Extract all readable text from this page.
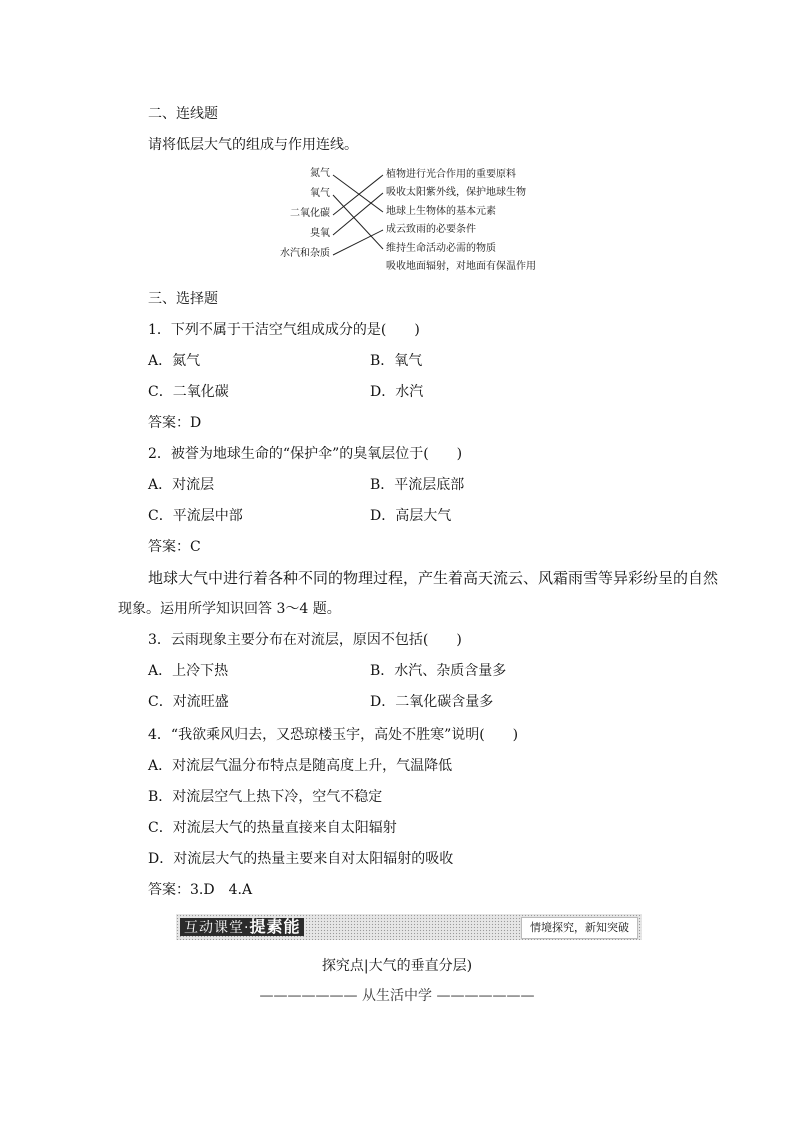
二、连线题
请将低层大气的组成与作用连线。
氮气
氧气
二氧化碳
臭氧
水汽和杂质
植物进行光合作用的重要原料
吸收太阳紫外线，保护地球生物
地球上生物体的基本元素
成云致雨的必要条件
维持生命活动必需的物质
吸收地面辐射，对地面有保温作用
三、选择题
1．下列不属于干洁空气组成成分的是(　　)
A．氮气	B．氧气
C．二氧化碳	D．水汽
答案：D
2．被誉为地球生命的“保护伞”的臭氧层位于(　　)
A．对流层	B．平流层底部
C．平流层中部	D．高层大气
答案：C
地球大气中进行着各种不同的物理过程，产生着高天流云、风霜雨雪等异彩纷呈的自然
现象。运用所学知识回答 3～4 题。
3．云雨现象主要分布在对流层，原因不包括(　　)
A．上冷下热	B．水汽、杂质含量多
C．对流旺盛	D．二氧化碳含量多
4．“我欲乘风归去，又恐琼楼玉宇，高处不胜寒”说明(　　)
A．对流层气温分布特点是随高度上升，气温降低
B．对流层空气上热下冷，空气不稳定
C．对流层大气的热量直接来自太阳辐射
D．对流层大气的热量主要来自对太阳辐射的吸收
答案：3.D　4.A
互动课堂·提素能	情境探究，新知突破
探究点|大气的垂直分层)
——————— 从生活中学 ———————
